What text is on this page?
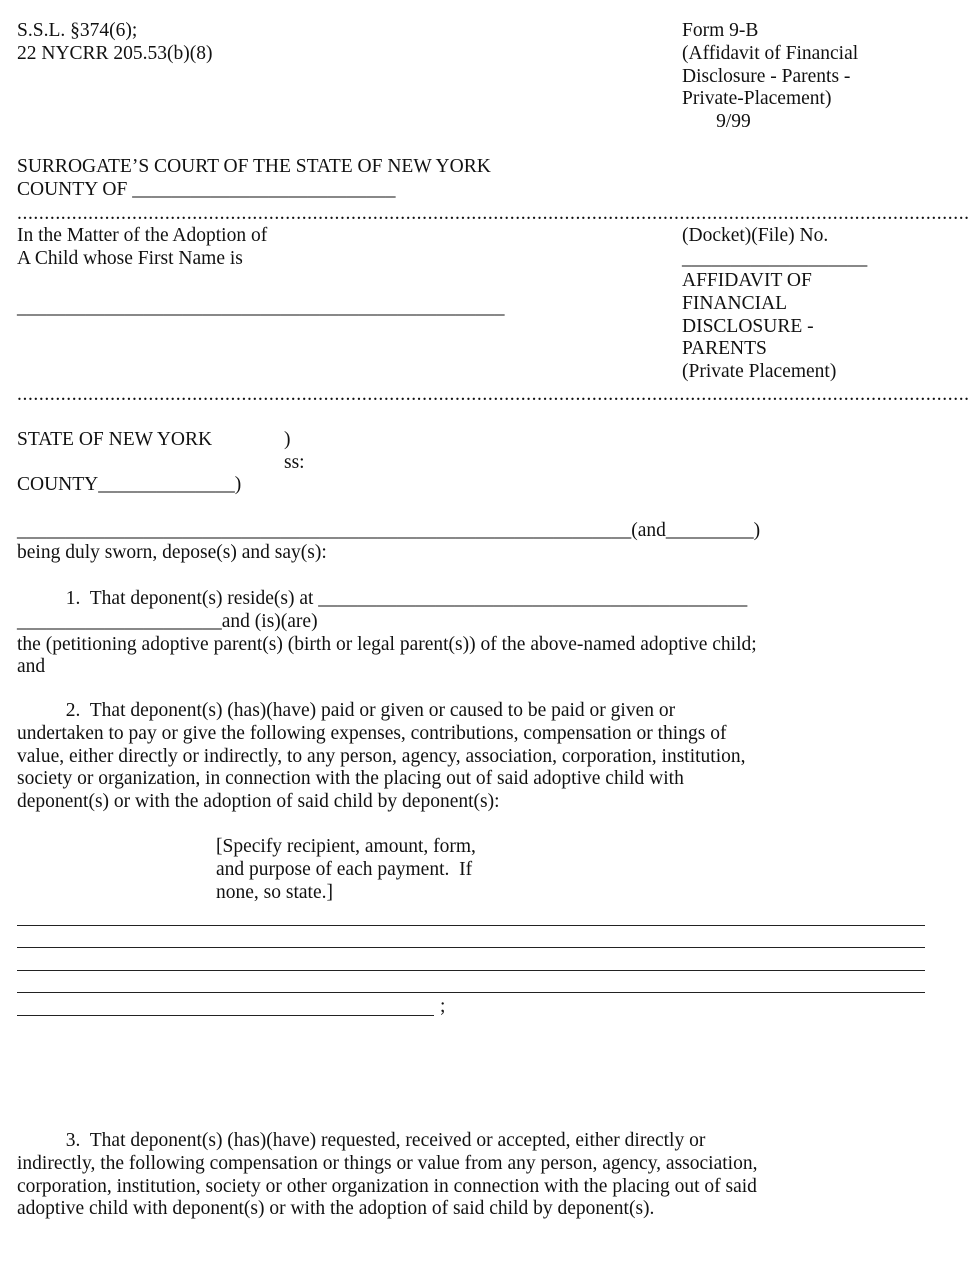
S.S.L. §374(6);
22 NYCRR 205.53(b)(8)
Form 9-B
(Affidavit of Financial
Disclosure - Parents -
Private-Placement)
9/99
SURROGATE’S COURT OF THE STATE OF NEW YORK
COUNTY OF ___________________________
..............................................................................................................................................................................
In the Matter of the Adoption of
A Child whose First Name is
__________________________________________________
(Docket)(File) No.
___________________
AFFIDAVIT OF
FINANCIAL
DISCLOSURE -
PARENTS
(Private Placement)
..............................................................................................................................................................................
STATE OF NEW YORK	)
ss:
COUNTY______________)
_______________________________________________________________(and_________)
being duly sworn, depose(s) and say(s):
1.  That deponent(s) reside(s) at ____________________________________________
_____________________and (is)(are)
the (petitioning adoptive parent(s) (birth or legal parent(s)) of the above-named adoptive child;
and
2.  That deponent(s) (has)(have) paid or given or caused to be paid or given or
undertaken to pay or give the following expenses, contributions, compensation or things of
value, either directly or indirectly, to any person, agency, association, corporation, institution,
society or organization, in connection with the placing out of said adoptive child with
deponent(s) or with the adoption of said child by deponent(s):
[Specify recipient, amount, form,
and purpose of each payment.  If
none, so state.]
;
3.  That deponent(s) (has)(have) requested, received or accepted, either directly or
indirectly, the following compensation or things or value from any person, agency, association,
corporation, institution, society or other organization in connection with the placing out of said
adoptive child with deponent(s) or with the adoption of said child by deponent(s).
